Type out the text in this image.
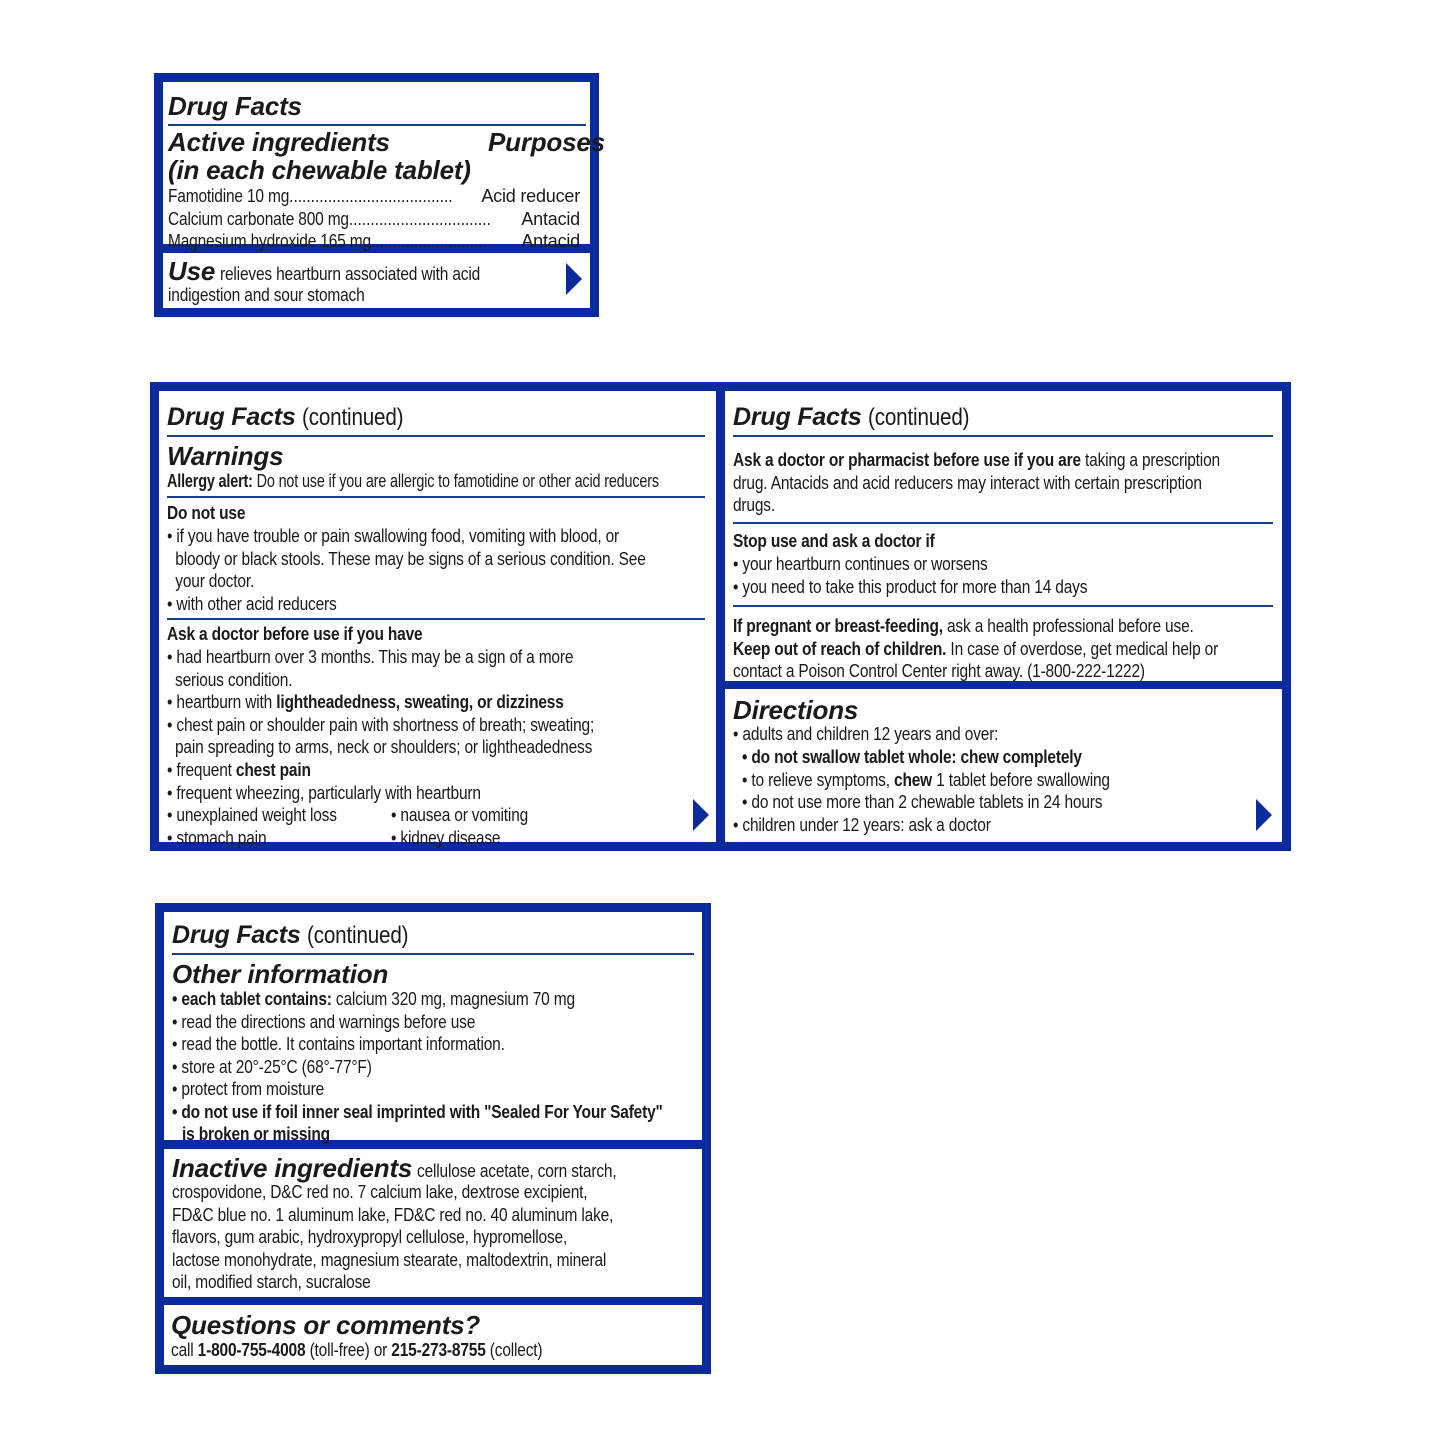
Drug Facts
Active ingredients	Purposes
(in each chewable tablet)
Famotidine 10 mg......................................	Acid reducer
Calcium carbonate 800 mg.................................	Antacid
Magnesium hydroxide 165 mg...........................	Antacid
Use relieves heartburn associated with acid
indigestion and sour stomach
Drug Facts (continued)
Warnings
Allergy alert: Do not use if you are allergic to famotidine or other acid reducers
Do not use
• if you have trouble or pain swallowing food, vomiting with blood, or
bloody or black stools. These may be signs of a serious condition. See
your doctor.
• with other acid reducers
Ask a doctor before use if you have
• had heartburn over 3 months. This may be a sign of a more
serious condition.
• heartburn with lightheadedness, sweating, or dizziness
• chest pain or shoulder pain with shortness of breath; sweating;
pain spreading to arms, neck or shoulders; or lightheadedness
• frequent chest pain
• frequent wheezing, particularly with heartburn
• unexplained weight loss	• nausea or vomiting
• stomach pain	• kidney disease
Drug Facts (continued)
Ask a doctor or pharmacist before use if you are taking a prescription
drug. Antacids and acid reducers may interact with certain prescription
drugs.
Stop use and ask a doctor if
• your heartburn continues or worsens
• you need to take this product for more than 14 days
If pregnant or breast-feeding, ask a health professional before use.
Keep out of reach of children. In case of overdose, get medical help or
contact a Poison Control Center right away. (1-800-222-1222)
Directions
• adults and children 12 years and over:
• do not swallow tablet whole: chew completely
• to relieve symptoms, chew 1 tablet before swallowing
• do not use more than 2 chewable tablets in 24 hours
• children under 12 years: ask a doctor
Drug Facts (continued)
Other information
• each tablet contains: calcium 320 mg, magnesium 70 mg
• read the directions and warnings before use
• read the bottle. It contains important information.
• store at 20°-25°C (68°-77°F)
• protect from moisture
• do not use if foil inner seal imprinted with "Sealed For Your Safety"
is broken or missing
Inactive ingredients cellulose acetate, corn starch,
crospovidone, D&C red no. 7 calcium lake, dextrose excipient,
FD&C blue no. 1 aluminum lake, FD&C red no. 40 aluminum lake,
flavors, gum arabic, hydroxypropyl cellulose, hypromellose,
lactose monohydrate, magnesium stearate, maltodextrin, mineral
oil, modified starch, sucralose
Questions or comments?
call 1-800-755-4008 (toll-free) or 215-273-8755 (collect)
